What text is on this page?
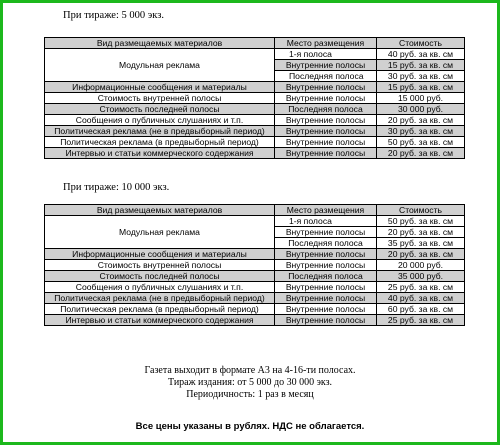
При тираже: 5 000 экз.
Вид размещаемых материалов	Место размещения	Стоимость
Модульная реклама	1-я полоса	40 руб. за кв. см
	Внутренние полосы	15 руб. за кв. см
	Последняя полоса	30 руб. за кв. см
Информационные сообщения и материалы	Внутренние полосы	15 руб. за кв. см
Стоимость внутренней полосы	Внутренние полосы	15 000 руб.
Стоимость последней полосы	Последняя полоса	30 000 руб.
Сообщения о публичных слушаниях и т.п.	Внутренние полосы	20 руб. за кв. см
Политическая реклама (не в предвыборный период)	Внутренние полосы	30 руб. за кв. см
Политическая реклама (в предвыборный период)	Внутренние полосы	50 руб. за кв. см
Интервью и статьи коммерческого содержания	Внутренние полосы	20 руб. за кв. см
При тираже: 10 000 экз.
Вид размещаемых материалов	Место размещения	Стоимость
Модульная реклама	1-я полоса	50 руб. за кв. см
	Внутренние полосы	20 руб. за кв. см
	Последняя полоса	35 руб. за кв. см
Информационные сообщения и материалы	Внутренние полосы	20 руб. за кв. см
Стоимость внутренней полосы	Внутренние полосы	20 000 руб.
Стоимость последней полосы	Последняя полоса	35 000 руб.
Сообщения о публичных слушаниях и т.п.	Внутренние полосы	25 руб. за кв. см
Политическая реклама (не в предвыборный период)	Внутренние полосы	40 руб. за кв. см
Политическая реклама (в предвыборный период)	Внутренние полосы	60 руб. за кв. см
Интервью и статьи коммерческого содержания	Внутренние полосы	25 руб. за кв. см
Газета выходит в формате А3 на 4-16-ти полосах.
Тираж издания: от 5 000 до 30 000 экз.
Периодичность: 1 раз в месяц
Все цены указаны в рублях. НДС не облагается.
